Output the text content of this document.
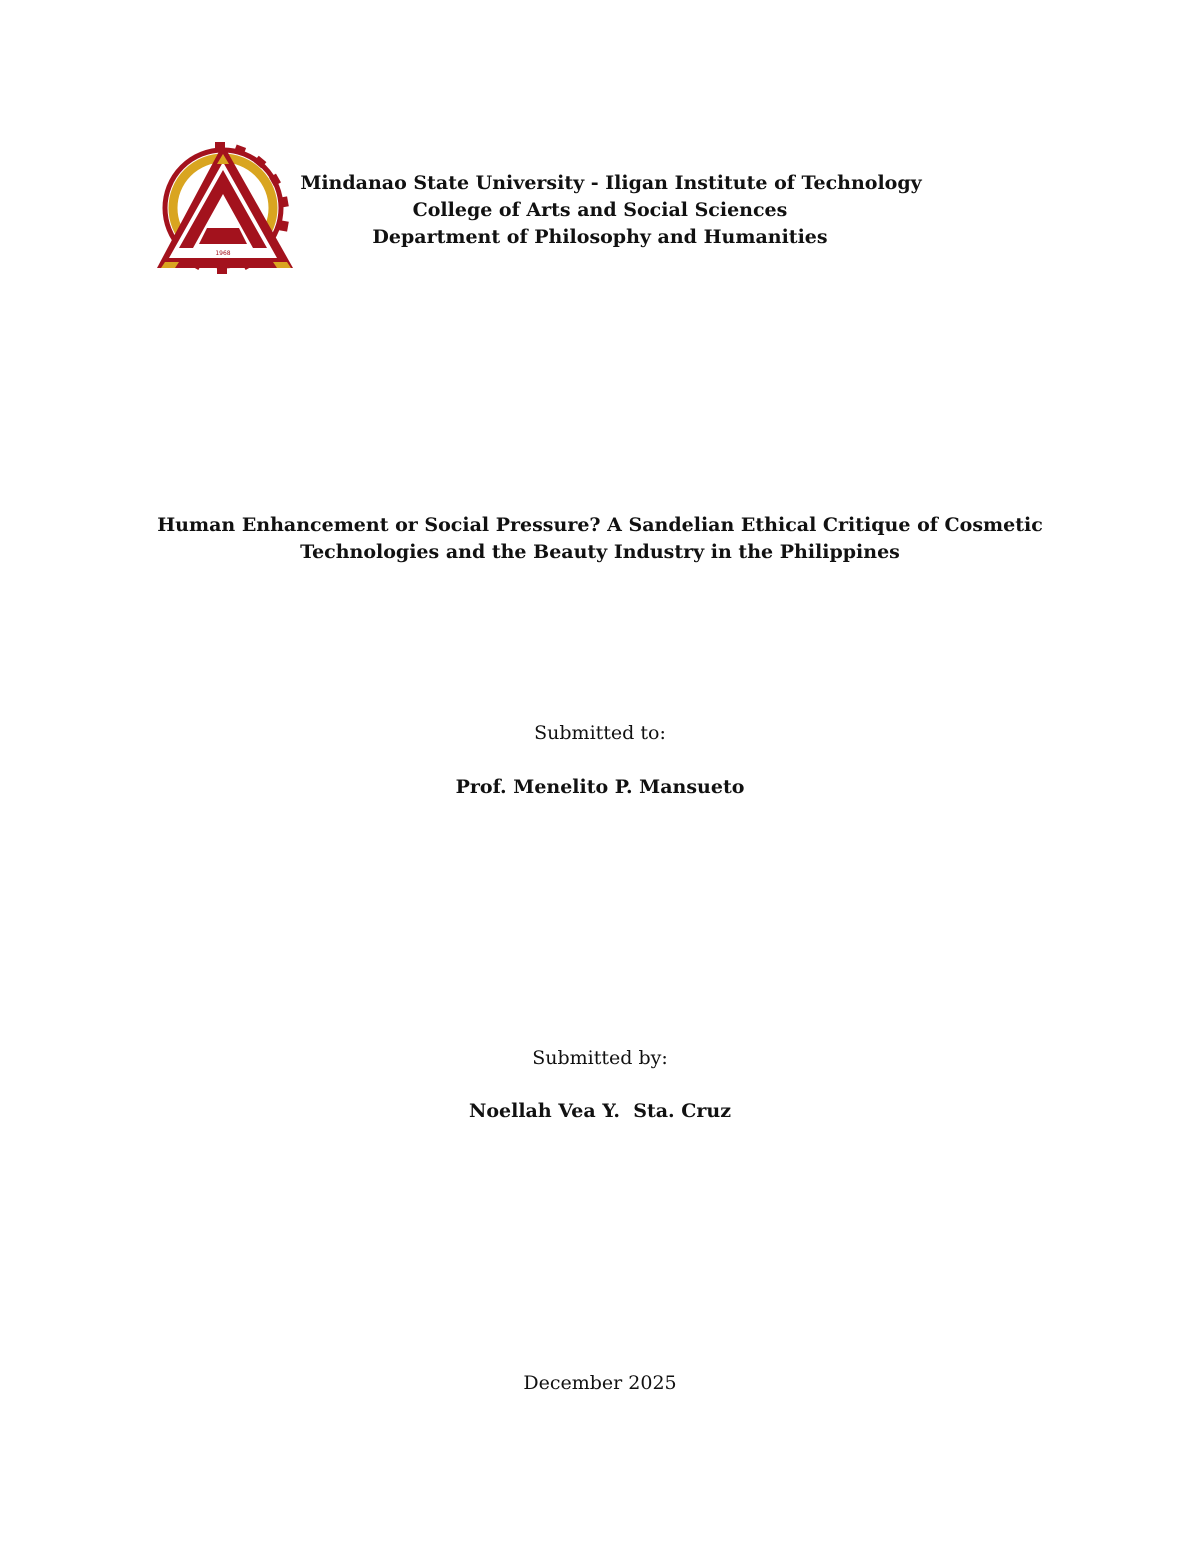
1968
Mindanao State University - Iligan Institute of Technology
College of Arts and Social Sciences
Department of Philosophy and Humanities
Human Enhancement or Social Pressure? A Sandelian Ethical Critique of Cosmetic
Technologies and the Beauty Industry in the Philippines
Submitted to:
Prof. Menelito P. Mansueto
Submitted by:
Noellah Vea Y.  Sta. Cruz
December 2025
